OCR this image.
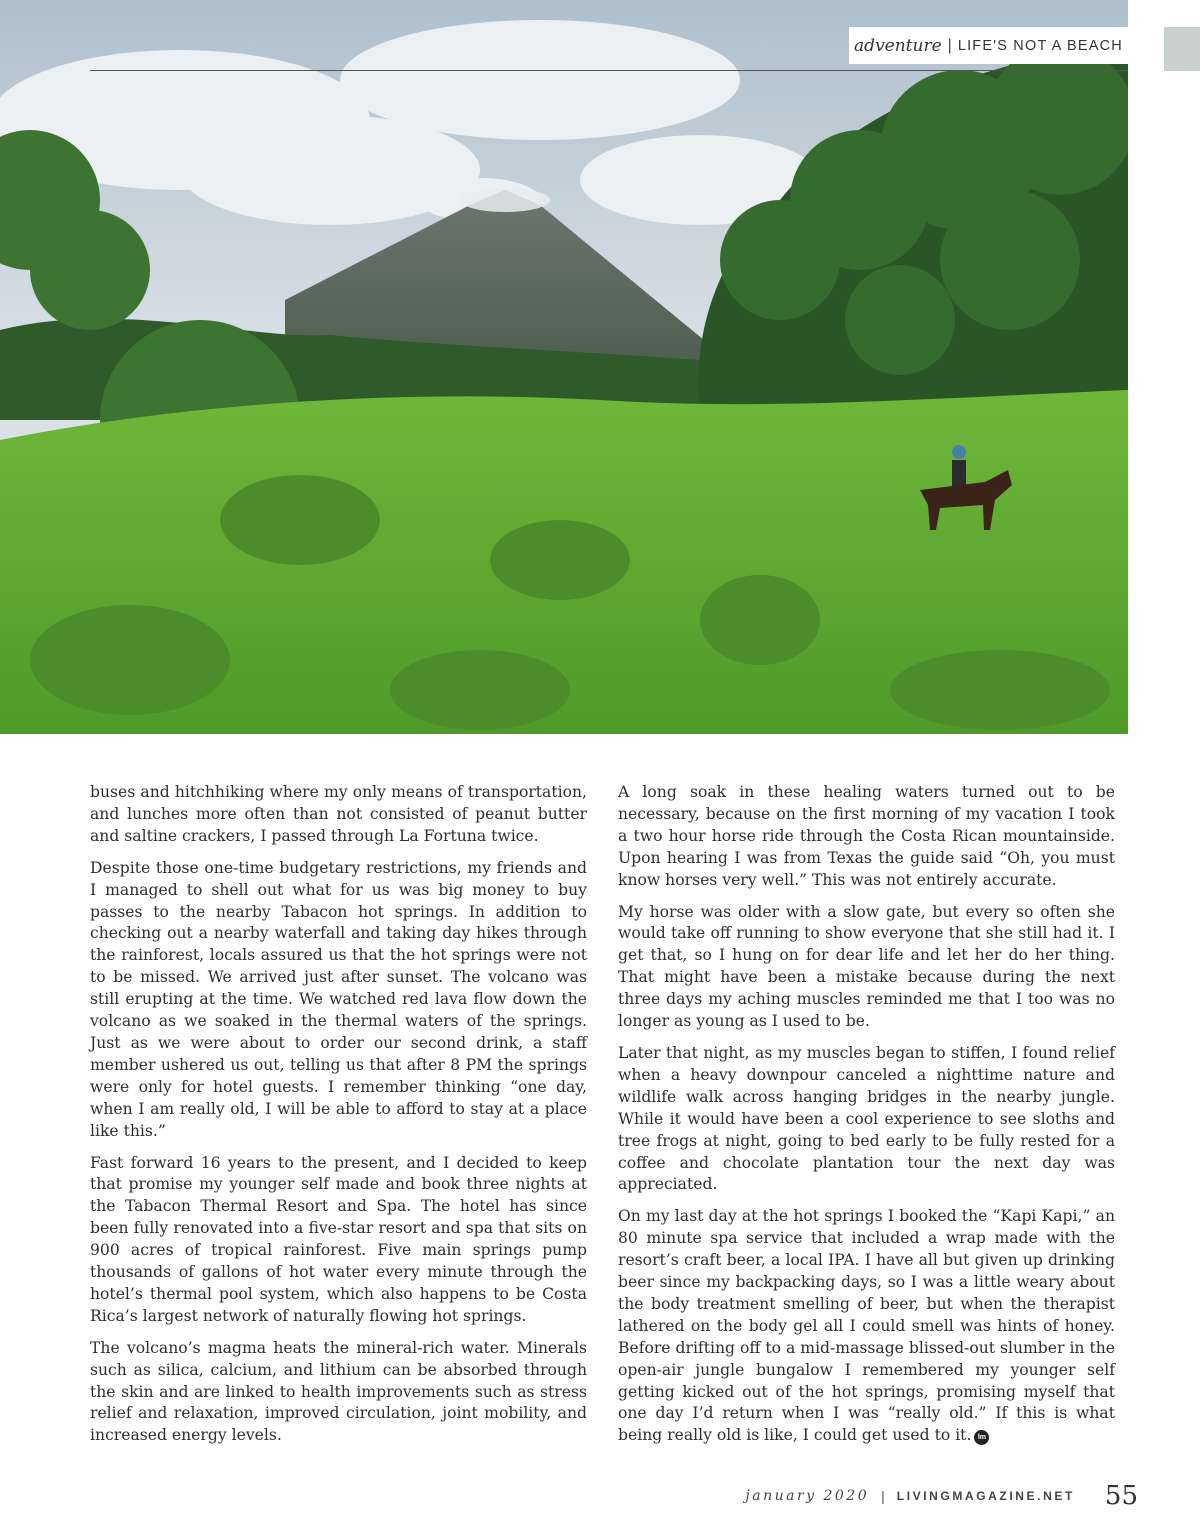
adventure | LIFE'S NOT A BEACH

buses and hitchhiking where my only means of transportation, and lunches more often than not consisted of peanut butter and saltine crackers, I passed through La Fortuna twice.

Despite those one-time budgetary restrictions, my friends and I managed to shell out what for us was big money to buy passes to the nearby Tabacon hot springs. In addition to checking out a nearby waterfall and taking day hikes through the rainforest, locals assured us that the hot springs were not to be missed. We arrived just after sunset. The volcano was still erupting at the time. We watched red lava flow down the volcano as we soaked in the thermal waters of the springs. Just as we were about to order our second drink, a staff member ushered us out, telling us that after 8 PM the springs were only for hotel guests. I remember thinking “one day, when I am really old, I will be able to afford to stay at a place like this.”

Fast forward 16 years to the present, and I decided to keep that promise my younger self made and book three nights at the Tabacon Thermal Resort and Spa. The hotel has since been fully renovated into a five-star resort and spa that sits on 900 acres of tropical rainforest. Five main springs pump thousands of gallons of hot water every minute through the hotel’s thermal pool system, which also happens to be Costa Rica’s largest network of naturally flowing hot springs.

The volcano’s magma heats the mineral-rich water. Minerals such as silica, calcium, and lithium can be absorbed through the skin and are linked to health improvements such as stress relief and relaxation, improved circulation, joint mobility, and increased energy levels.

A long soak in these healing waters turned out to be necessary, because on the first morning of my vacation I took a two hour horse ride through the Costa Rican mountainside. Upon hearing I was from Texas the guide said “Oh, you must know horses very well.” This was not entirely accurate.

My horse was older with a slow gate, but every so often she would take off running to show everyone that she still had it. I get that, so I hung on for dear life and let her do her thing. That might have been a mistake because during the next three days my aching muscles reminded me that I too was no longer as young as I used to be.

Later that night, as my muscles began to stiffen, I found relief when a heavy downpour canceled a nighttime nature and wildlife walk across hanging bridges in the nearby jungle. While it would have been a cool experience to see sloths and tree frogs at night, going to bed early to be fully rested for a coffee and chocolate plantation tour the next day was appreciated.

On my last day at the hot springs I booked the “Kapi Kapi,” an 80 minute spa service that included a wrap made with the resort’s craft beer, a local IPA. I have all but given up drinking beer since my backpacking days, so I was a little weary about the body treatment smelling of beer, but when the therapist lathered on the body gel all I could smell was hints of honey. Before drifting off to a mid-massage blissed-out slumber in the open-air jungle bungalow I remembered my younger self getting kicked out of the hot springs, promising myself that one day I’d return when I was “really old.” If this is what being really old is like, I could get used to it. lm

january 2020 | LIVINGMAGAZINE.NET 55
